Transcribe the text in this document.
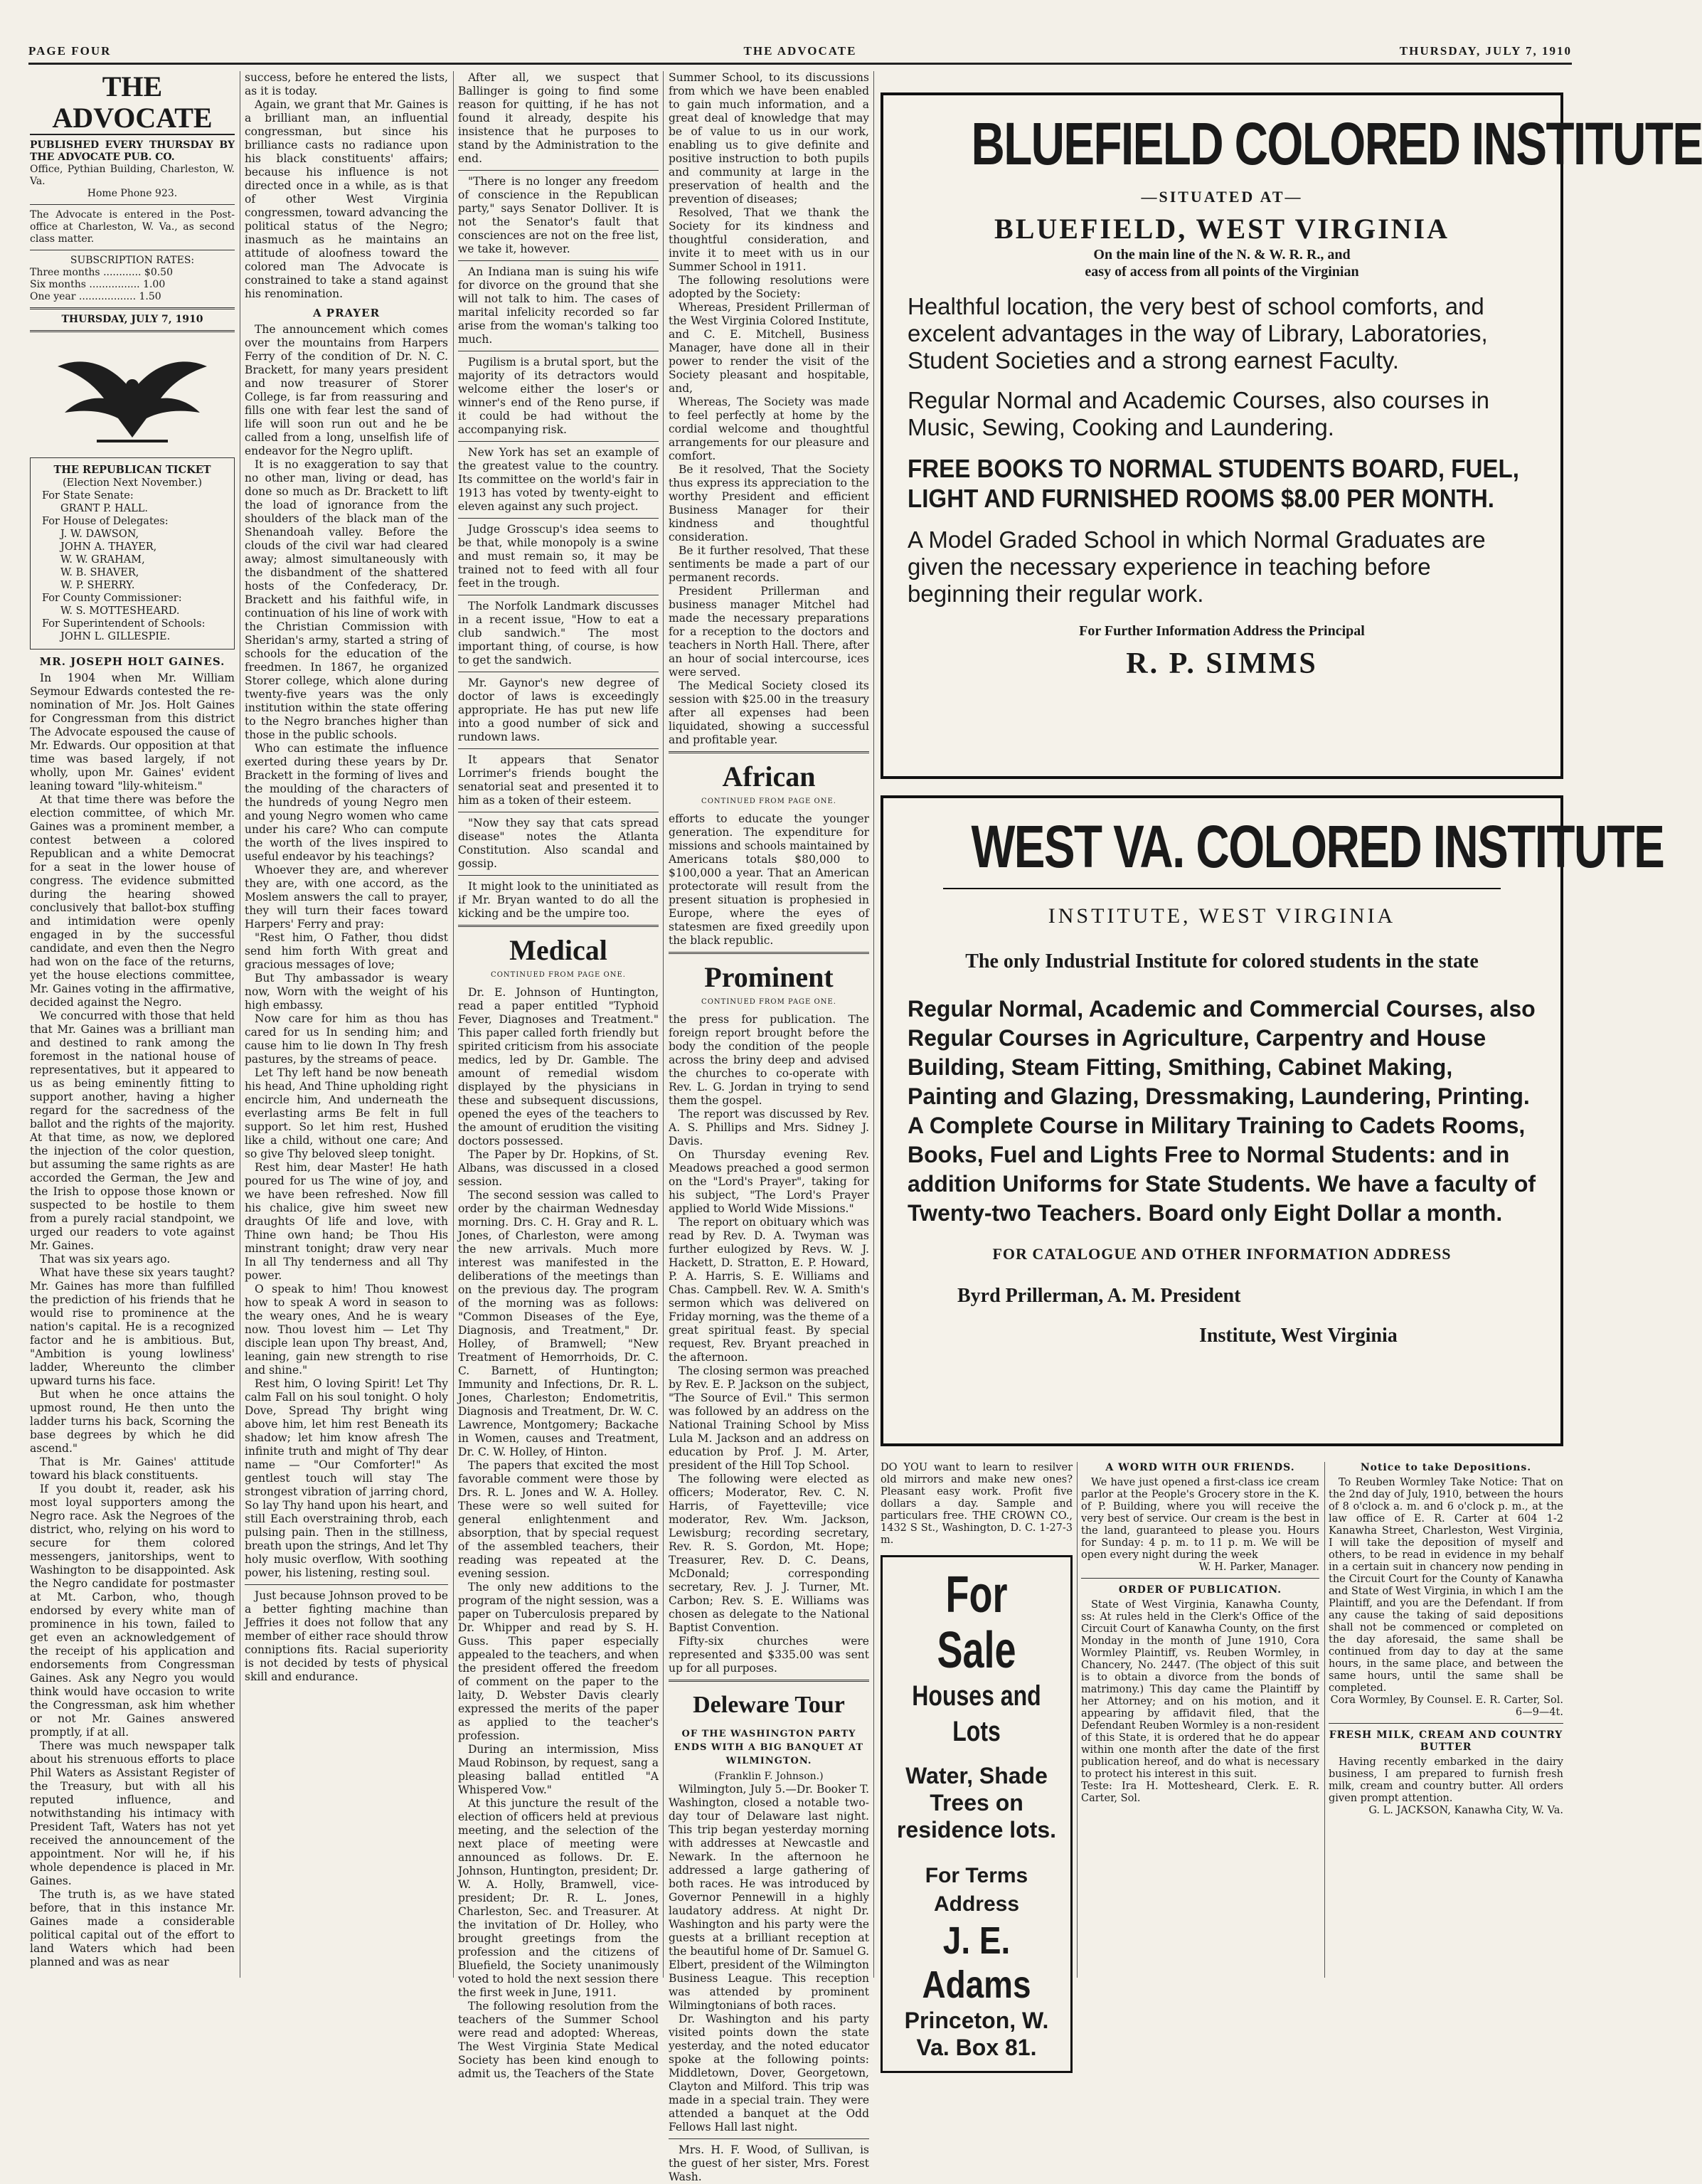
PAGE FOUR	THE ADVOCATE	THURSDAY, JULY 7, 1910
THE ADVOCATE
PUBLISHED EVERY THURSDAY BY THE ADVOCATE PUB. CO.
Office, Pythian Building, Charleston, W. Va.
Home Phone 923.
The Advocate is entered in the Post-office at Charleston, W. Va., as second class matter.
SUBSCRIPTION RATES:
Three months ............ $0.50
Six months ................ 1.00
One year .................. 1.50
THURSDAY, JULY 7, 1910
THE REPUBLICAN TICKET
(Election Next November.)
For State Senate:
GRANT P. HALL.
For House of Delegates:
J. W. DAWSON,
JOHN A. THAYER,
W. W. GRAHAM,
W. B. SHAVER,
W. P. SHERRY.
For County Commissioner:
W. S. MOTTESHEARD.
For Superintendent of Schools:
JOHN L. GILLESPIE.
MR. JOSEPH HOLT GAINES.

In 1904 when Mr. William Seymour Edwards contested the re-nomination of Mr. Jos. Holt Gaines for Congressman from this district The Advocate espoused the cause of Mr. Edwards. Our opposition at that time was based largely, if not wholly, upon Mr. Gaines' evident leaning toward "lily-whiteism."

At that time there was before the election committee, of which Mr. Gaines was a prominent member, a contest between a colored Republican and a white Democrat for a seat in the lower house of congress. The evidence submitted during the hearing showed conclusively that ballot-box stuffing and intimidation were openly engaged in by the successful candidate, and even then the Negro had won on the face of the returns, yet the house elections committee, Mr. Gaines voting in the affirmative, decided against the Negro.

We concurred with those that held that Mr. Gaines was a brilliant man and destined to rank among the foremost in the national house of representatives, but it appeared to us as being eminently fitting to support another, having a higher regard for the sacredness of the ballot and the rights of the majority. At that time, as now, we deplored the injection of the color question, but assuming the same rights as are accorded the German, the Jew and the Irish to oppose those known or suspected to be hostile to them from a purely racial standpoint, we urged our readers to vote against Mr. Gaines.

That was six years ago.

What have these six years taught? Mr. Gaines has more than fulfilled the prediction of his friends that he would rise to prominence at the nation's capital. He is a recognized factor and he is ambitious. But, "Ambition is young lowliness' ladder, Whereunto the climber upward turns his face.

But when he once attains the upmost round, He then unto the ladder turns his back, Scorning the base degrees by which he did ascend."

That is Mr. Gaines' attitude toward his black constituents.

If you doubt it, reader, ask his most loyal supporters among the Negro race. Ask the Negroes of the district, who, relying on his word to secure for them colored messengers, janitorships, went to Washington to be disappointed. Ask the Negro candidate for postmaster at Mt. Carbon, who, though endorsed by every white man of prominence in his town, failed to get even an acknowledgement of the receipt of his application and endorsements from Congressman Gaines. Ask any Negro you would think would have occasion to write the Congressman, ask him whether or not Mr. Gaines answered promptly, if at all.

There was much newspaper talk about his strenuous efforts to place Phil Waters as Assistant Register of the Treasury, but with all his reputed influence, and notwithstanding his intimacy with President Taft, Waters has not yet received the announcement of the appointment. Nor will he, if his whole dependence is placed in Mr. Gaines.

The truth is, as we have stated before, that in this instance Mr. Gaines made a considerable political capital out of the effort to land Waters which had been planned and was as near

success, before he entered the lists, as it is today.

Again, we grant that Mr. Gaines is a brilliant man, an influential congressman, but since his brilliance casts no radiance upon his black constituents' affairs; because his influence is not directed once in a while, as is that of other West Virginia congressmen, toward advancing the political status of the Negro; inasmuch as he maintains an attitude of aloofness toward the colored man The Advocate is constrained to take a stand against his renomination.

A PRAYER

The announcement which comes over the mountains from Harpers Ferry of the condition of Dr. N. C. Brackett, for many years president and now treasurer of Storer College, is far from reassuring and fills one with fear lest the sand of life will soon run out and he be called from a long, unselfish life of endeavor for the Negro uplift.

It is no exaggeration to say that no other man, living or dead, has done so much as Dr. Brackett to lift the load of ignorance from the shoulders of the black man of the Shenandoah valley. Before the clouds of the civil war had cleared away; almost simultaneously with the disbandment of the shattered hosts of the Confederacy, Dr. Brackett and his faithful wife, in continuation of his line of work with the Christian Commission with Sheridan's army, started a string of schools for the education of the freedmen. In 1867, he organized Storer college, which alone during twenty-five years was the only institution within the state offering to the Negro branches higher than those in the public schools.

Who can estimate the influence exerted during these years by Dr. Brackett in the forming of lives and the moulding of the characters of the hundreds of young Negro men and young Negro women who came under his care? Who can compute the worth of the lives inspired to useful endeavor by his teachings?

Whoever they are, and wherever they are, with one accord, as the Moslem answers the call to prayer, they will turn their faces toward Harpers' Ferry and pray:

"Rest him, O Father, thou didst send him forth With great and gracious messages of love;

But Thy ambassador is weary now, Worn with the weight of his high embassy.

Now care for him as thou has cared for us In sending him; and cause him to lie down In Thy fresh pastures, by the streams of peace.

Let Thy left hand be now beneath his head, And Thine upholding right encircle him, And underneath the everlasting arms Be felt in full support. So let him rest, Hushed like a child, without one care; And so give Thy beloved sleep tonight.

Rest him, dear Master! He hath poured for us The wine of joy, and we have been refreshed. Now fill his chalice, give him sweet new draughts Of life and love, with Thine own hand; be Thou His minstrant tonight; draw very near In all Thy tenderness and all Thy power.

O speak to him! Thou knowest how to speak A word in season to the weary ones, And he is weary now. Thou lovest him — Let Thy disciple lean upon Thy breast, And, leaning, gain new strength to rise and shine."

Rest him, O loving Spirit! Let Thy calm Fall on his soul tonight. O holy Dove, Spread Thy bright wing above him, let him rest Beneath its shadow; let him know afresh The infinite truth and might of Thy dear name — "Our Comforter!" As gentlest touch will stay The strongest vibration of jarring chord, So lay Thy hand upon his heart, and still Each overstraining throb, each pulsing pain. Then in the stillness, breath upon the strings, And let Thy holy music overflow, With soothing power, his listening, resting soul.

Just because Johnson proved to be a better fighting machine than Jeffries it does not follow that any member of either race should throw conniptions fits. Racial superiority is not decided by tests of physical skill and endurance.

After all, we suspect that Ballinger is going to find some reason for quitting, if he has not found it already, despite his insistence that he purposes to stand by the Administration to the end.

"There is no longer any freedom of conscience in the Republican party," says Senator Dolliver. It is not the Senator's fault that consciences are not on the free list, we take it, however.

An Indiana man is suing his wife for divorce on the ground that she will not talk to him. The cases of marital infelicity recorded so far arise from the woman's talking too much.

Pugilism is a brutal sport, but the majority of its detractors would welcome either the loser's or winner's end of the Reno purse, if it could be had without the accompanying risk.

New York has set an example of the greatest value to the country. Its committee on the world's fair in 1913 has voted by twenty-eight to eleven against any such project.

Judge Grosscup's idea seems to be that, while monopoly is a swine and must remain so, it may be trained not to feed with all four feet in the trough.

The Norfolk Landmark discusses in a recent issue, "How to eat a club sandwich." The most important thing, of course, is how to get the sandwich.

Mr. Gaynor's new degree of doctor of laws is exceedingly appropriate. He has put new life into a good number of sick and rundown laws.

It appears that Senator Lorrimer's friends bought the senatorial seat and presented it to him as a token of their esteem.

"Now they say that cats spread disease" notes the Atlanta Constitution. Also scandal and gossip.

It might look to the uninitiated as if Mr. Bryan wanted to do all the kicking and be the umpire too.

Medical
CONTINUED FROM PAGE ONE.

Dr. E. Johnson of Huntington, read a paper entitled "Typhoid Fever, Diagnoses and Treatment." This paper called forth friendly but spirited criticism from his associate medics, led by Dr. Gamble. The amount of remedial wisdom displayed by the physicians in these and subsequent discussions, opened the eyes of the teachers to the amount of erudition the visiting doctors possessed.

The Paper by Dr. Hopkins, of St. Albans, was discussed in a closed session.

The second session was called to order by the chairman Wednesday morning. Drs. C. H. Gray and R. L. Jones, of Charleston, were among the new arrivals. Much more interest was manifested in the deliberations of the meetings than on the previous day. The program of the morning was as follows: "Common Diseases of the Eye, Diagnosis, and Treatment," Dr. Holley, of Bramwell; "New Treatment of Hemorrhoids, Dr. C. C. Barnett, of Huntington; Immunity and Infections, Dr. R. L. Jones, Charleston; Endometritis, Diagnosis and Treatment, Dr. W. C. Lawrence, Montgomery; Backache in Women, causes and Treatment, Dr. C. W. Holley, of Hinton.

The papers that excited the most favorable comment were those by Drs. R. L. Jones and W. A. Holley. These were so well suited for general enlightenment and absorption, that by special request of the assembled teachers, their reading was repeated at the evening session.

The only new additions to the program of the night session, was a paper on Tuberculosis prepared by Dr. Whipper and read by S. H. Guss. This paper especially appealed to the teachers, and when the president offered the freedom of comment on the paper to the laity, D. Webster Davis clearly expressed the merits of the paper as applied to the teacher's profession.

During an intermission, Miss Maud Robinson, by request, sang a pleasing ballad entitled "A Whispered Vow."

At this juncture the result of the election of officers held at previous meeting, and the selection of the next place of meeting were announced as follows. Dr. E. Johnson, Huntington, president; Dr. W. A. Holly, Bramwell, vice-president; Dr. R. L. Jones, Charleston, Sec. and Treasurer. At the invitation of Dr. Holley, who brought greetings from the profession and the citizens of Bluefield, the Society unanimously voted to hold the next session there the first week in June, 1911.

The following resolution from the teachers of the Summer School were read and adopted: Whereas, The West Virginia State Medical Society has been kind enough to admit us, the Teachers of the State

Summer School, to its discussions from which we have been enabled to gain much information, and a great deal of knowledge that may be of value to us in our work, enabling us to give definite and positive instruction to both pupils and community at large in the preservation of health and the prevention of diseases;

Resolved, That we thank the Society for its kindness and thoughtful consideration, and invite it to meet with us in our Summer School in 1911.

The following resolutions were adopted by the Society:

Whereas, President Prillerman of the West Virginia Colored Institute, and C. E. Mitchell, Business Manager, have done all in their power to render the visit of the Society pleasant and hospitable, and,

Whereas, The Society was made to feel perfectly at home by the cordial welcome and thoughtful arrangements for our pleasure and comfort.

Be it resolved, That the Society thus express its appreciation to the worthy President and efficient Business Manager for their kindness and thoughtful consideration.

Be it further resolved, That these sentiments be made a part of our permanent records.

President Prillerman and business manager Mitchel had made the necessary preparations for a reception to the doctors and teachers in North Hall. There, after an hour of social intercourse, ices were served.

The Medical Society closed its session with $25.00 in the treasury after all expenses had been liquidated, showing a successful and profitable year.

African
CONTINUED FROM PAGE ONE.

efforts to educate the younger generation. The expenditure for missions and schools maintained by Americans totals $80,000 to $100,000 a year. That an American protectorate will result from the present situation is prophesied in Europe, where the eyes of statesmen are fixed greedily upon the black republic.

Prominent
CONTINUED FROM PAGE ONE.

the press for publication. The foreign report brought before the body the condition of the people across the briny deep and advised the churches to co-operate with Rev. L. G. Jordan in trying to send them the gospel.

The report was discussed by Rev. A. S. Phillips and Mrs. Sidney J. Davis.

On Thursday evening Rev. Meadows preached a good sermon on the "Lord's Prayer", taking for his subject, "The Lord's Prayer applied to World Wide Missions."

The report on obituary which was read by Rev. D. A. Twyman was further eulogized by Revs. W. J. Hackett, D. Stratton, E. P. Howard, P. A. Harris, S. E. Williams and Chas. Campbell. Rev. W. A. Smith's sermon which was delivered on Friday morning, was the theme of a great spiritual feast. By special request, Rev. Bryant preached in the afternoon.

The closing sermon was preached by Rev. E. P. Jackson on the subject, "The Source of Evil." This sermon was followed by an address on the National Training School by Miss Lula M. Jackson and an address on education by Prof. J. M. Arter, president of the Hill Top School.

The following were elected as officers; Moderator, Rev. C. N. Harris, of Fayetteville; vice moderator, Rev. Wm. Jackson, Lewisburg; recording secretary, Rev. R. S. Gordon, Mt. Hope; Treasurer, Rev. D. C. Deans, McDonald; corresponding secretary, Rev. J. J. Turner, Mt. Carbon; Rev. S. E. Williams was chosen as delegate to the National Baptist Convention.

Fifty-six churches were represented and $335.00 was sent up for all purposes.

Deleware Tour
OF THE WASHINGTON PARTY ENDS WITH A BIG BANQUET AT WILMINGTON.
(Franklin F. Johnson.)

Wilmington, July 5.—Dr. Booker T. Washington, closed a notable two-day tour of Delaware last night. This trip began yesterday morning with addresses at Newcastle and Newark. In the afternoon he addressed a large gathering of both races. He was introduced by Governor Pennewill in a highly laudatory address. At night Dr. Washington and his party were the guests at a brilliant reception at the beautiful home of Dr. Samuel G. Elbert, president of the Wilmington Business League. This reception was attended by prominent Wilmingtonians of both races.

Dr. Washington and his party visited points down the state yesterday, and the noted educator spoke at the following points: Middletown, Dover, Georgetown, Clayton and Milford. This trip was made in a special train. They were attended a banquet at the Odd Fellows Hall last night.

Mrs. H. F. Wood, of Sullivan, is the guest of her sister, Mrs. Forest Wash.

BLUEFIELD COLORED INSTITUTE
—SITUATED AT—
BLUEFIELD, WEST VIRGINIA
On the main line of the N. & W. R. R., and
easy of access from all points of the Virginian
Healthful location, the very best of school comforts, and excelent advantages in the way of Library, Laboratories, Student Societies and a strong earnest Faculty.
Regular Normal and Academic Courses, also courses in Music, Sewing, Cooking and Laundering.
FREE BOOKS TO NORMAL STUDENTS BOARD, FUEL, LIGHT AND FURNISHED ROOMS $8.00 PER MONTH.
A Model Graded School in which Normal Graduates are given the necessary experience in teaching before beginning their regular work.
For Further Information Address the Principal
R. P. SIMMS
WEST VA. COLORED INSTITUTE
INSTITUTE, WEST VIRGINIA
The only Industrial Institute for colored students in the state
Regular Normal, Academic and Commercial Courses, also Regular Courses in Agriculture, Carpentry and House Building, Steam Fitting, Smithing, Cabinet Making, Painting and Glazing, Dressmaking, Laundering, Printing. A Complete Course in Military Training to Cadets Rooms, Books, Fuel and Lights Free to Normal Students: and in addition Uniforms for State Students. We have a faculty of Twenty-two Teachers. Board only Eight Dollar a month.
FOR CATALOGUE AND OTHER INFORMATION ADDRESS
Byrd Prillerman, A. M. President
Institute, West Virginia
DO YOU want to learn to resilver old mirrors and make new ones? Pleasant easy work. Profit five dollars a day. Sample and particulars free. THE CROWN CO., 1432 S St., Washington, D. C. 1-27-3 m.
For Sale
Houses and Lots
Water, Shade Trees on residence lots.
For Terms Address
J. E. Adams
Princeton, W. Va. Box 81.
A WORD WITH OUR FRIENDS.

We have just opened a first-class ice cream parlor at the People's Grocery store in the K. of P. Building, where you will receive the very best of service. Our cream is the best in the land, guaranteed to please you. Hours for Sunday: 4 p. m. to 11 p. m. We will be open every night during the week

W. H. Parker, Manager.
ORDER OF PUBLICATION.

State of West Virginia, Kanawha County, ss: At rules held in the Clerk's Office of the Circuit Court of Kanawha County, on the first Monday in the month of June 1910, Cora Wormley Plaintiff, vs. Reuben Wormley, in Chancery, No. 2447. (The object of this suit is to obtain a divorce from the bonds of matrimony.) This day came the Plaintiff by her Attorney; and on his motion, and it appearing by affidavit filed, that the Defendant Reuben Wormley is a non-resident of this State, it is ordered that he do appear within one month after the date of the first publication hereof, and do what is necessary to protect his interest in this suit.

Teste: Ira H. Mottesheard, Clerk. E. R. Carter, Sol.
Notice to take Depositions.

To Reuben Wormley Take Notice: That on the 2nd day of July, 1910, between the hours of 8 o'clock a. m. and 6 o'clock p. m., at the law office of E. R. Carter at 604 1-2 Kanawha Street, Charleston, West Virginia, I will take the deposition of myself and others, to be read in evidence in my behalf in a certain suit in chancery now pending in the Circuit Court for the County of Kanawha and State of West Virginia, in which I am the Plaintiff, and you are the Defendant. If from any cause the taking of said depositions shall not be commenced or completed on the day aforesaid, the same shall be continued from day to day at the same hours, in the same place, and between the same hours, until the same shall be completed.

Cora Wormley, By Counsel. E. R. Carter, Sol. 6—9—4t.
FRESH MILK, CREAM AND COUNTRY BUTTER

Having recently embarked in the dairy business, I am prepared to furnish fresh milk, cream and country butter. All orders given prompt attention.

G. L. JACKSON, Kanawha City, W. Va.
